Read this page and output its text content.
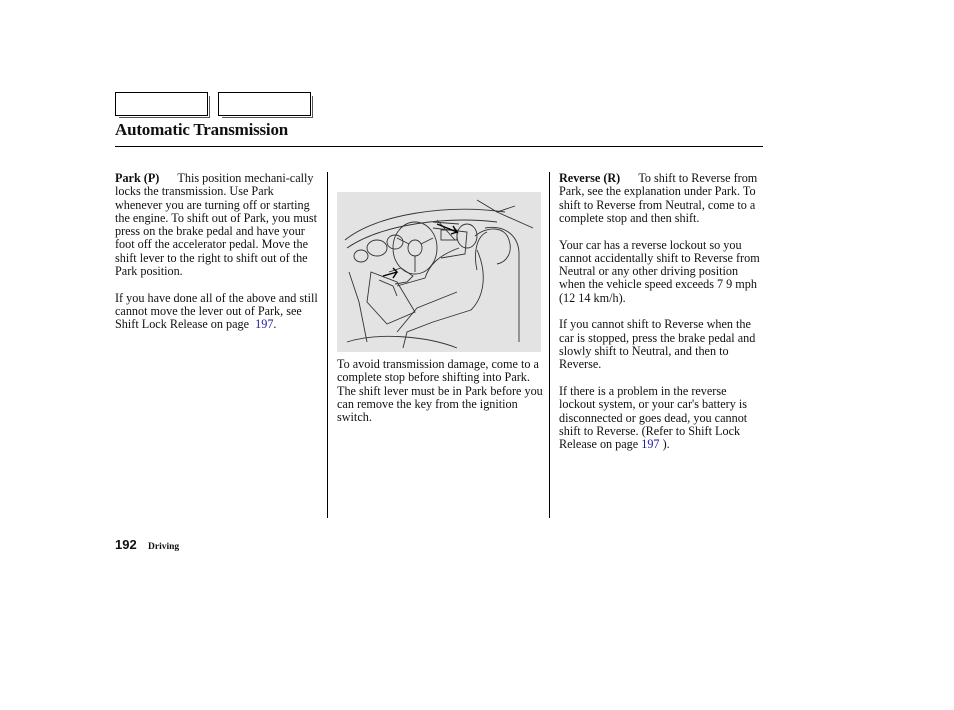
Automatic Transmission

Park (P) This position mechani-cally locks the transmission. Use Park whenever you are turning off or starting the engine. To shift out of Park, you must press on the brake pedal and have your foot off the accelerator pedal. Move the shift lever to the right to shift out of the Park position.

If you have done all of the above and still cannot move the lever out of Park, see Shift Lock Release on page 197.

To avoid transmission damage, come to a complete stop before shifting into Park. The shift lever must be in Park before you can remove the key from the ignition switch.

Reverse (R) To shift to Reverse from Park, see the explanation under Park. To shift to Reverse from Neutral, come to a complete stop and then shift.

Your car has a reverse lockout so you cannot accidentally shift to Reverse from Neutral or any other driving position when the vehicle speed exceeds 7 9 mph (12 14 km/h).

If you cannot shift to Reverse when the car is stopped, press the brake pedal and slowly shift to Neutral, and then to Reverse.

If there is a problem in the reverse lockout system, or your car's battery is disconnected or goes dead, you cannot shift to Reverse. (Refer to Shift Lock Release on page 197 ).

192 Driving
